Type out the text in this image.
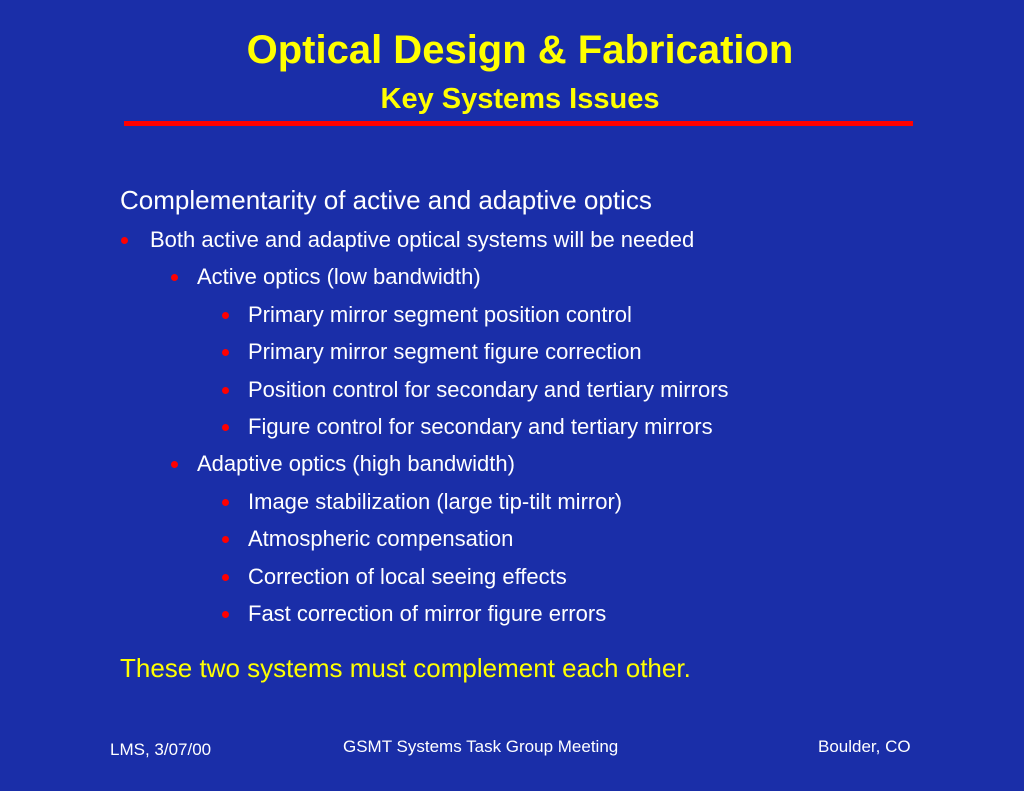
Optical Design & Fabrication
Key Systems Issues
Complementarity of active and adaptive optics
Both active and adaptive optical systems will be needed
Active optics (low bandwidth)
Primary mirror segment position control
Primary mirror segment figure correction
Position control for secondary and tertiary mirrors
Figure control for secondary and tertiary mirrors
Adaptive optics (high bandwidth)
Image stabilization (large tip-tilt mirror)
Atmospheric compensation
Correction of local seeing effects
Fast correction of mirror figure errors
These two systems must complement each other.
LMS, 3/07/00	GSMT Systems Task Group Meeting	Boulder, CO
